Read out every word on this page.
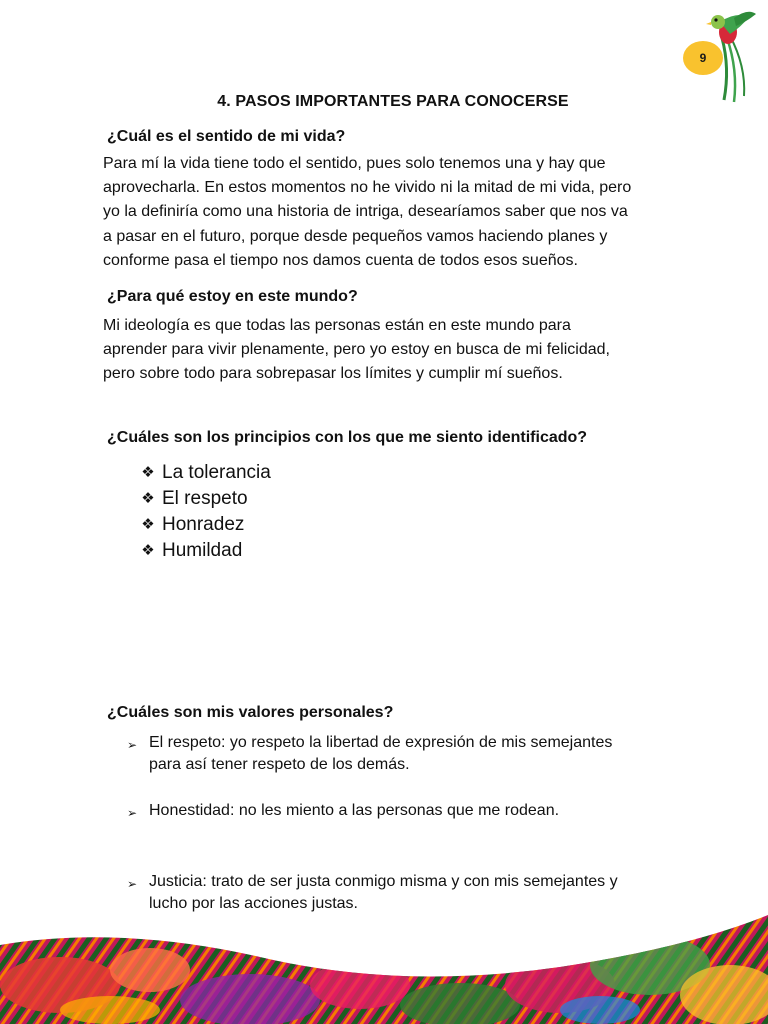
9
4. PASOS IMPORTANTES PARA CONOCERSE
¿Cuál es el sentido de mi vida?
Para mí la vida tiene todo el sentido, pues solo tenemos una y hay que
aprovecharla. En estos momentos no he vivido ni la mitad de mi vida, pero
yo la definiría como una historia de intriga, desearíamos saber que nos va
a pasar en el futuro, porque desde pequeños vamos haciendo planes y
conforme pasa el tiempo nos damos cuenta de todos esos sueños.
¿Para qué estoy en este mundo?
Mi ideología es que todas las personas están en este mundo para
aprender para vivir plenamente, pero yo estoy en busca de mi felicidad,
pero sobre todo para sobrepasar los límites y cumplir mí sueños.
¿Cuáles son los principios con los que me siento identificado?
❖ La tolerancia
❖ El respeto
❖ Honradez
❖ Humildad
¿Cuáles son mis valores personales?
➢ El respeto: yo respeto la libertad de expresión de mis semejantes
para así tener respeto de los demás.
➢ Honestidad: no les miento a las personas que me rodean.
➢ Justicia: trato de ser justa conmigo misma y con mis semejantes y
lucho por las acciones justas.
